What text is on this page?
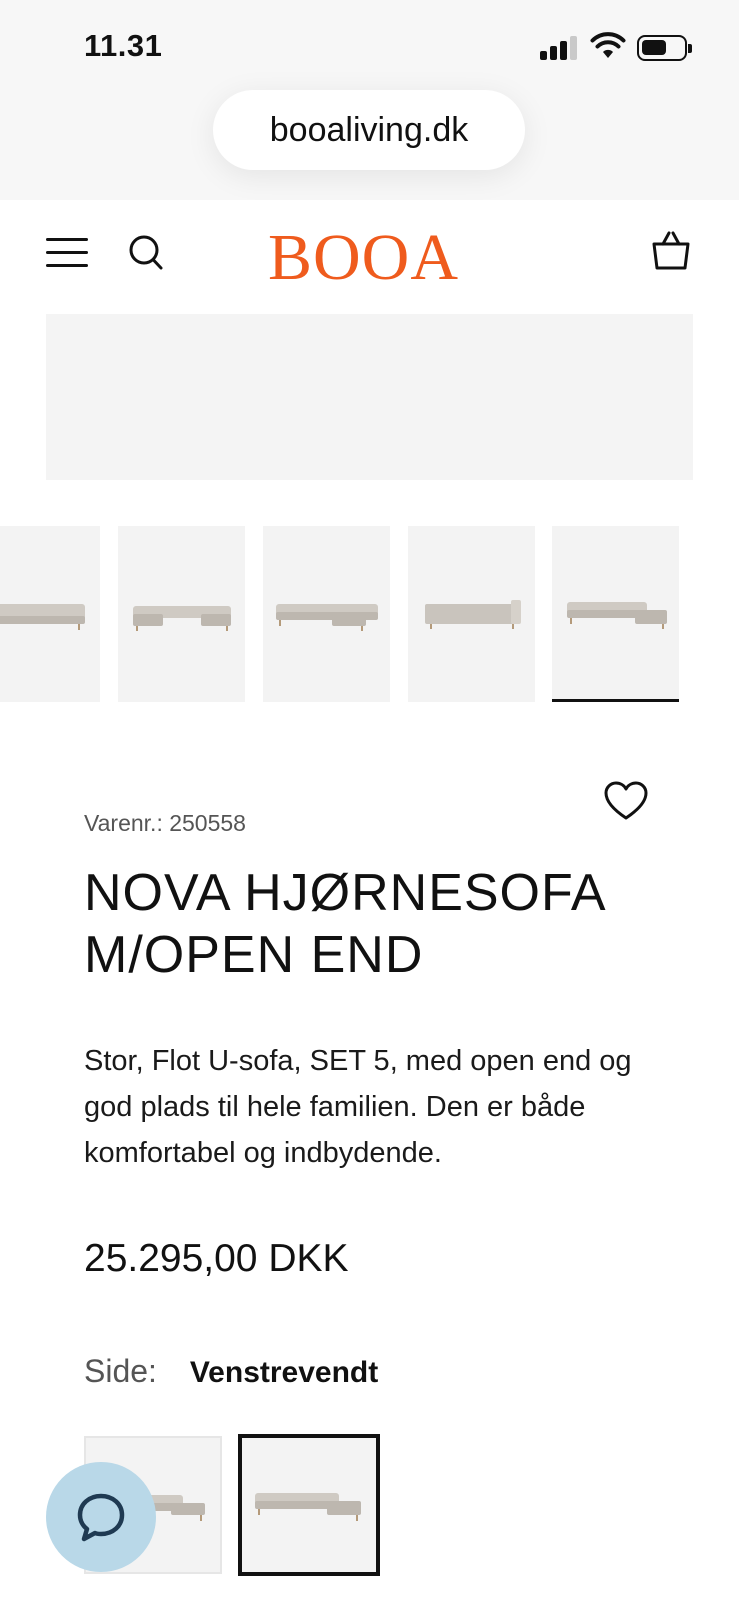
11.31
booaliving.dk
BOOA
Varenr.: 250558
NOVA HJØRNESOFA
M/OPEN END

Stor, Flot U-sofa, SET 5, med open end og god plads til hele familien. Den er både komfortabel og indbydende.

25.295,00 DKK
Side: Venstrevendt
